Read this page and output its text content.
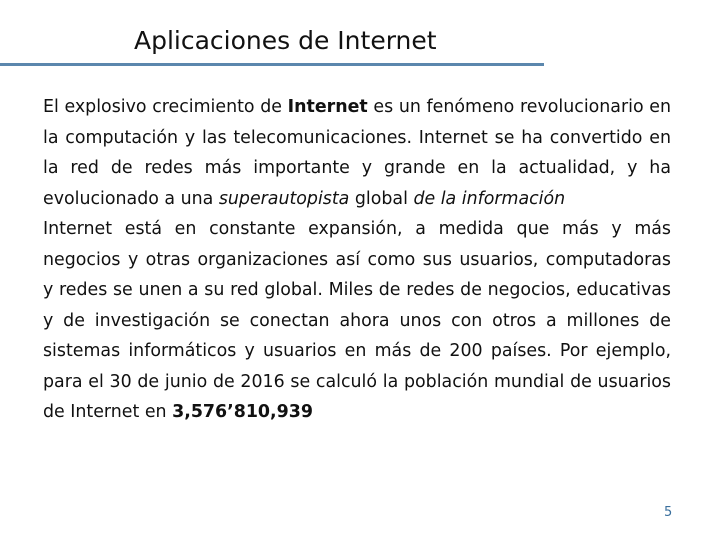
Aplicaciones de Internet

El explosivo crecimiento de Internet es un fenómeno revolucionario en la computación y las telecomunicaciones. Internet se ha convertido en la red de redes más importante y grande en la actualidad, y ha evolucionado a una superautopista global de la información

Internet está en constante expansión, a medida que más y más negocios y otras organizaciones así como sus usuarios, computadoras y redes se unen a su red global. Miles de redes de negocios, educativas y de investigación se conectan ahora unos con otros a millones de sistemas informáticos y usuarios en más de 200 países. Por ejemplo, para el 30 de junio de 2016 se calculó la población mundial de usuarios de Internet en 3,576’810,939

5
